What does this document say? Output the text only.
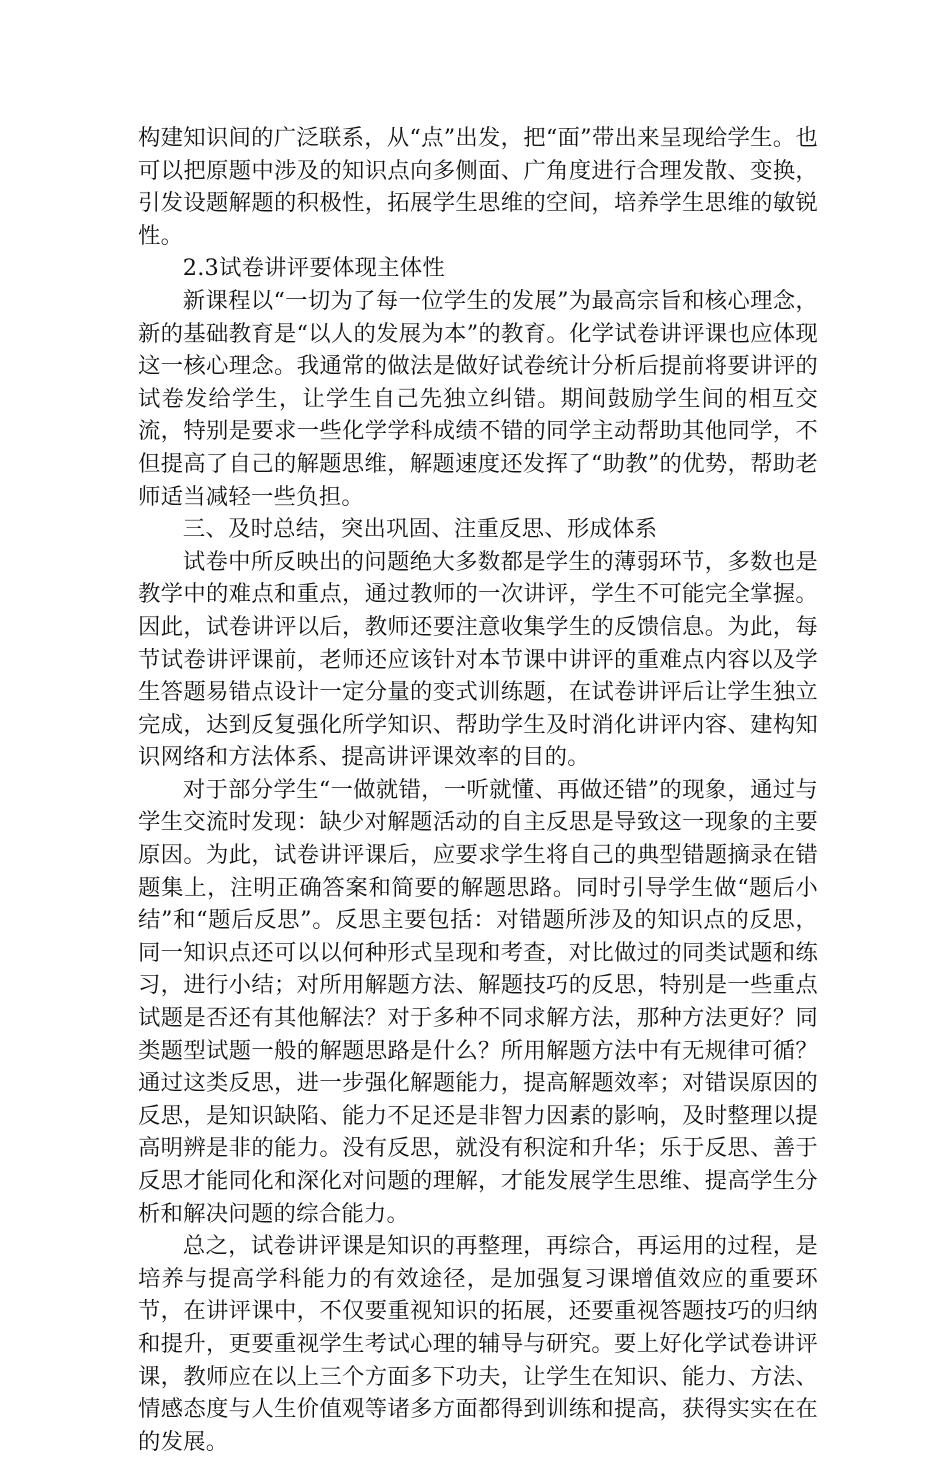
构建知识间的广泛联系，从“点”出发，把“面”带出来呈现给学生。也可以把原题中涉及的知识点向多侧面、广角度进行合理发散、变换，引发设题解题的积极性，拓展学生思维的空间，培养学生思维的敏锐性。

2.3试卷讲评要体现主体性

新课程以“一切为了每一位学生的发展”为最高宗旨和核心理念，新的基础教育是“以人的发展为本”的教育。化学试卷讲评课也应体现这一核心理念。我通常的做法是做好试卷统计分析后提前将要讲评的试卷发给学生，让学生自己先独立纠错。期间鼓励学生间的相互交流，特别是要求一些化学学科成绩不错的同学主动帮助其他同学，不但提高了自己的解题思维，解题速度还发挥了“助教”的优势，帮助老师适当减轻一些负担。

三、及时总结，突出巩固、注重反思、形成体系

试卷中所反映出的问题绝大多数都是学生的薄弱环节，多数也是教学中的难点和重点，通过教师的一次讲评，学生不可能完全掌握。因此，试卷讲评以后，教师还要注意收集学生的反馈信息。为此，每节试卷讲评课前，老师还应该针对本节课中讲评的重难点内容以及学生答题易错点设计一定分量的变式训练题，在试卷讲评后让学生独立完成，达到反复强化所学知识、帮助学生及时消化讲评内容、建构知识网络和方法体系、提高讲评课效率的目的。

对于部分学生“一做就错，一听就懂、再做还错”的现象，通过与学生交流时发现：缺少对解题活动的自主反思是导致这一现象的主要原因。为此，试卷讲评课后，应要求学生将自己的典型错题摘录在错题集上，注明正确答案和简要的解题思路。同时引导学生做“题后小结”和“题后反思”。反思主要包括：对错题所涉及的知识点的反思，同一知识点还可以以何种形式呈现和考查，对比做过的同类试题和练习，进行小结；对所用解题方法、解题技巧的反思，特别是一些重点试题是否还有其他解法？对于多种不同求解方法，那种方法更好？同类题型试题一般的解题思路是什么？所用解题方法中有无规律可循？通过这类反思，进一步强化解题能力，提高解题效率；对错误原因的反思，是知识缺陷、能力不足还是非智力因素的影响，及时整理以提高明辨是非的能力。没有反思，就没有积淀和升华；乐于反思、善于反思才能同化和深化对问题的理解，才能发展学生思维、提高学生分析和解决问题的综合能力。

总之，试卷讲评课是知识的再整理，再综合，再运用的过程，是培养与提高学科能力的有效途径，是加强复习课增值效应的重要环节，在讲评课中，不仅要重视知识的拓展，还要重视答题技巧的归纳和提升，更要重视学生考试心理的辅导与研究。要上好化学试卷讲评课，教师应在以上三个方面多下功夫，让学生在知识、能力、方法、情感态度与人生价值观等诸多方面都得到训练和提高，获得实实在在的发展。
